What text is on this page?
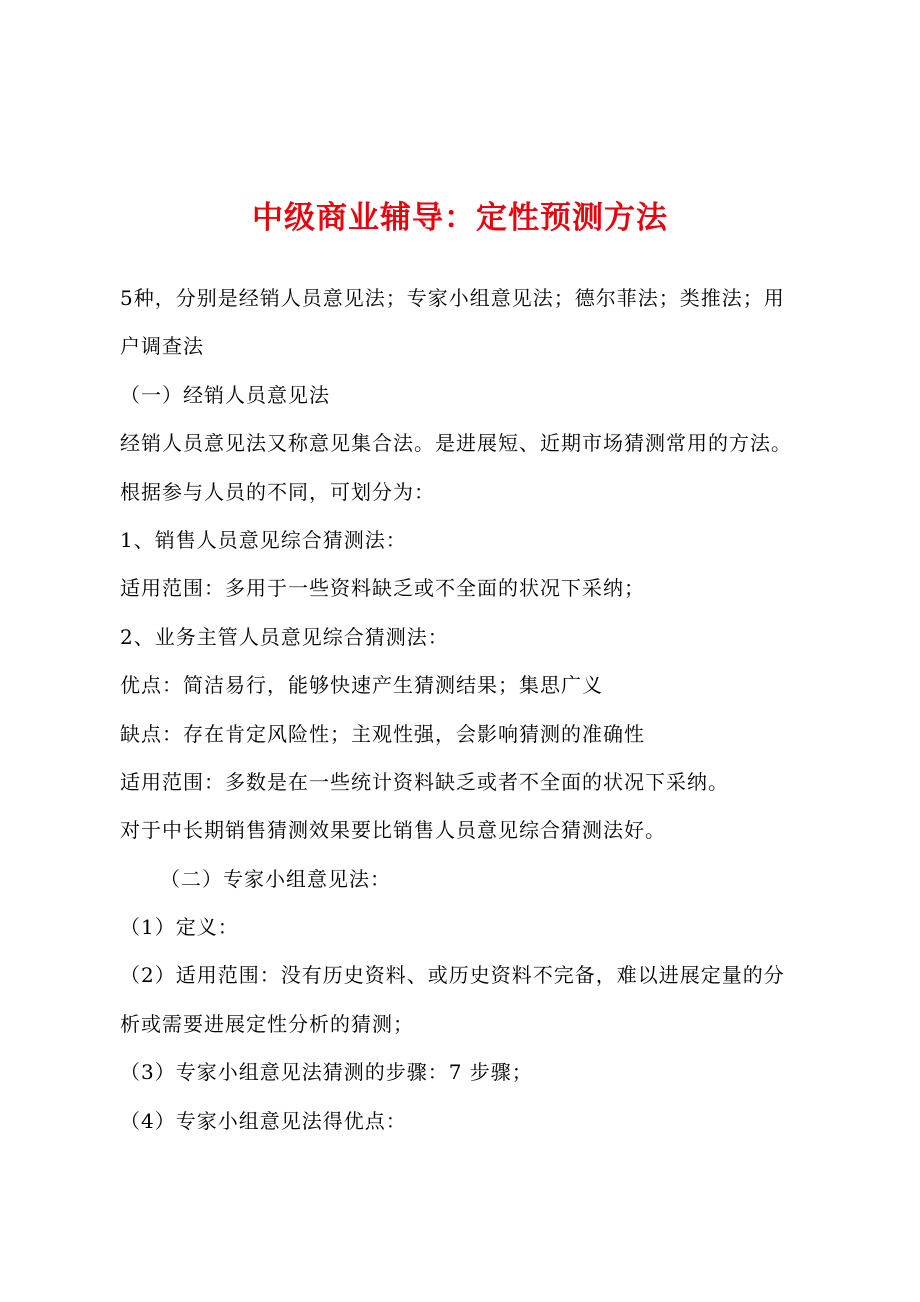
中级商业辅导：定性预测方法
5种，分别是经销人员意见法；专家小组意见法；德尔菲法；类推法；用
户调查法
（一）经销人员意见法
经销人员意见法又称意见集合法。是进展短、近期市场猜测常用的方法。
根据参与人员的不同，可划分为：
1、销售人员意见综合猜测法：
适用范围：多用于一些资料缺乏或不全面的状况下采纳；
2、业务主管人员意见综合猜测法：
优点：简洁易行，能够快速产生猜测结果；集思广义
缺点：存在肯定风险性；主观性强，会影响猜测的准确性
适用范围：多数是在一些统计资料缺乏或者不全面的状况下采纳。
对于中长期销售猜测效果要比销售人员意见综合猜测法好。
（二）专家小组意见法：
（1）定义：
（2）适用范围：没有历史资料、或历史资料不完备，难以进展定量的分
析或需要进展定性分析的猜测；
（3）专家小组意见法猜测的步骤：7 步骤；
（4）专家小组意见法得优点：
